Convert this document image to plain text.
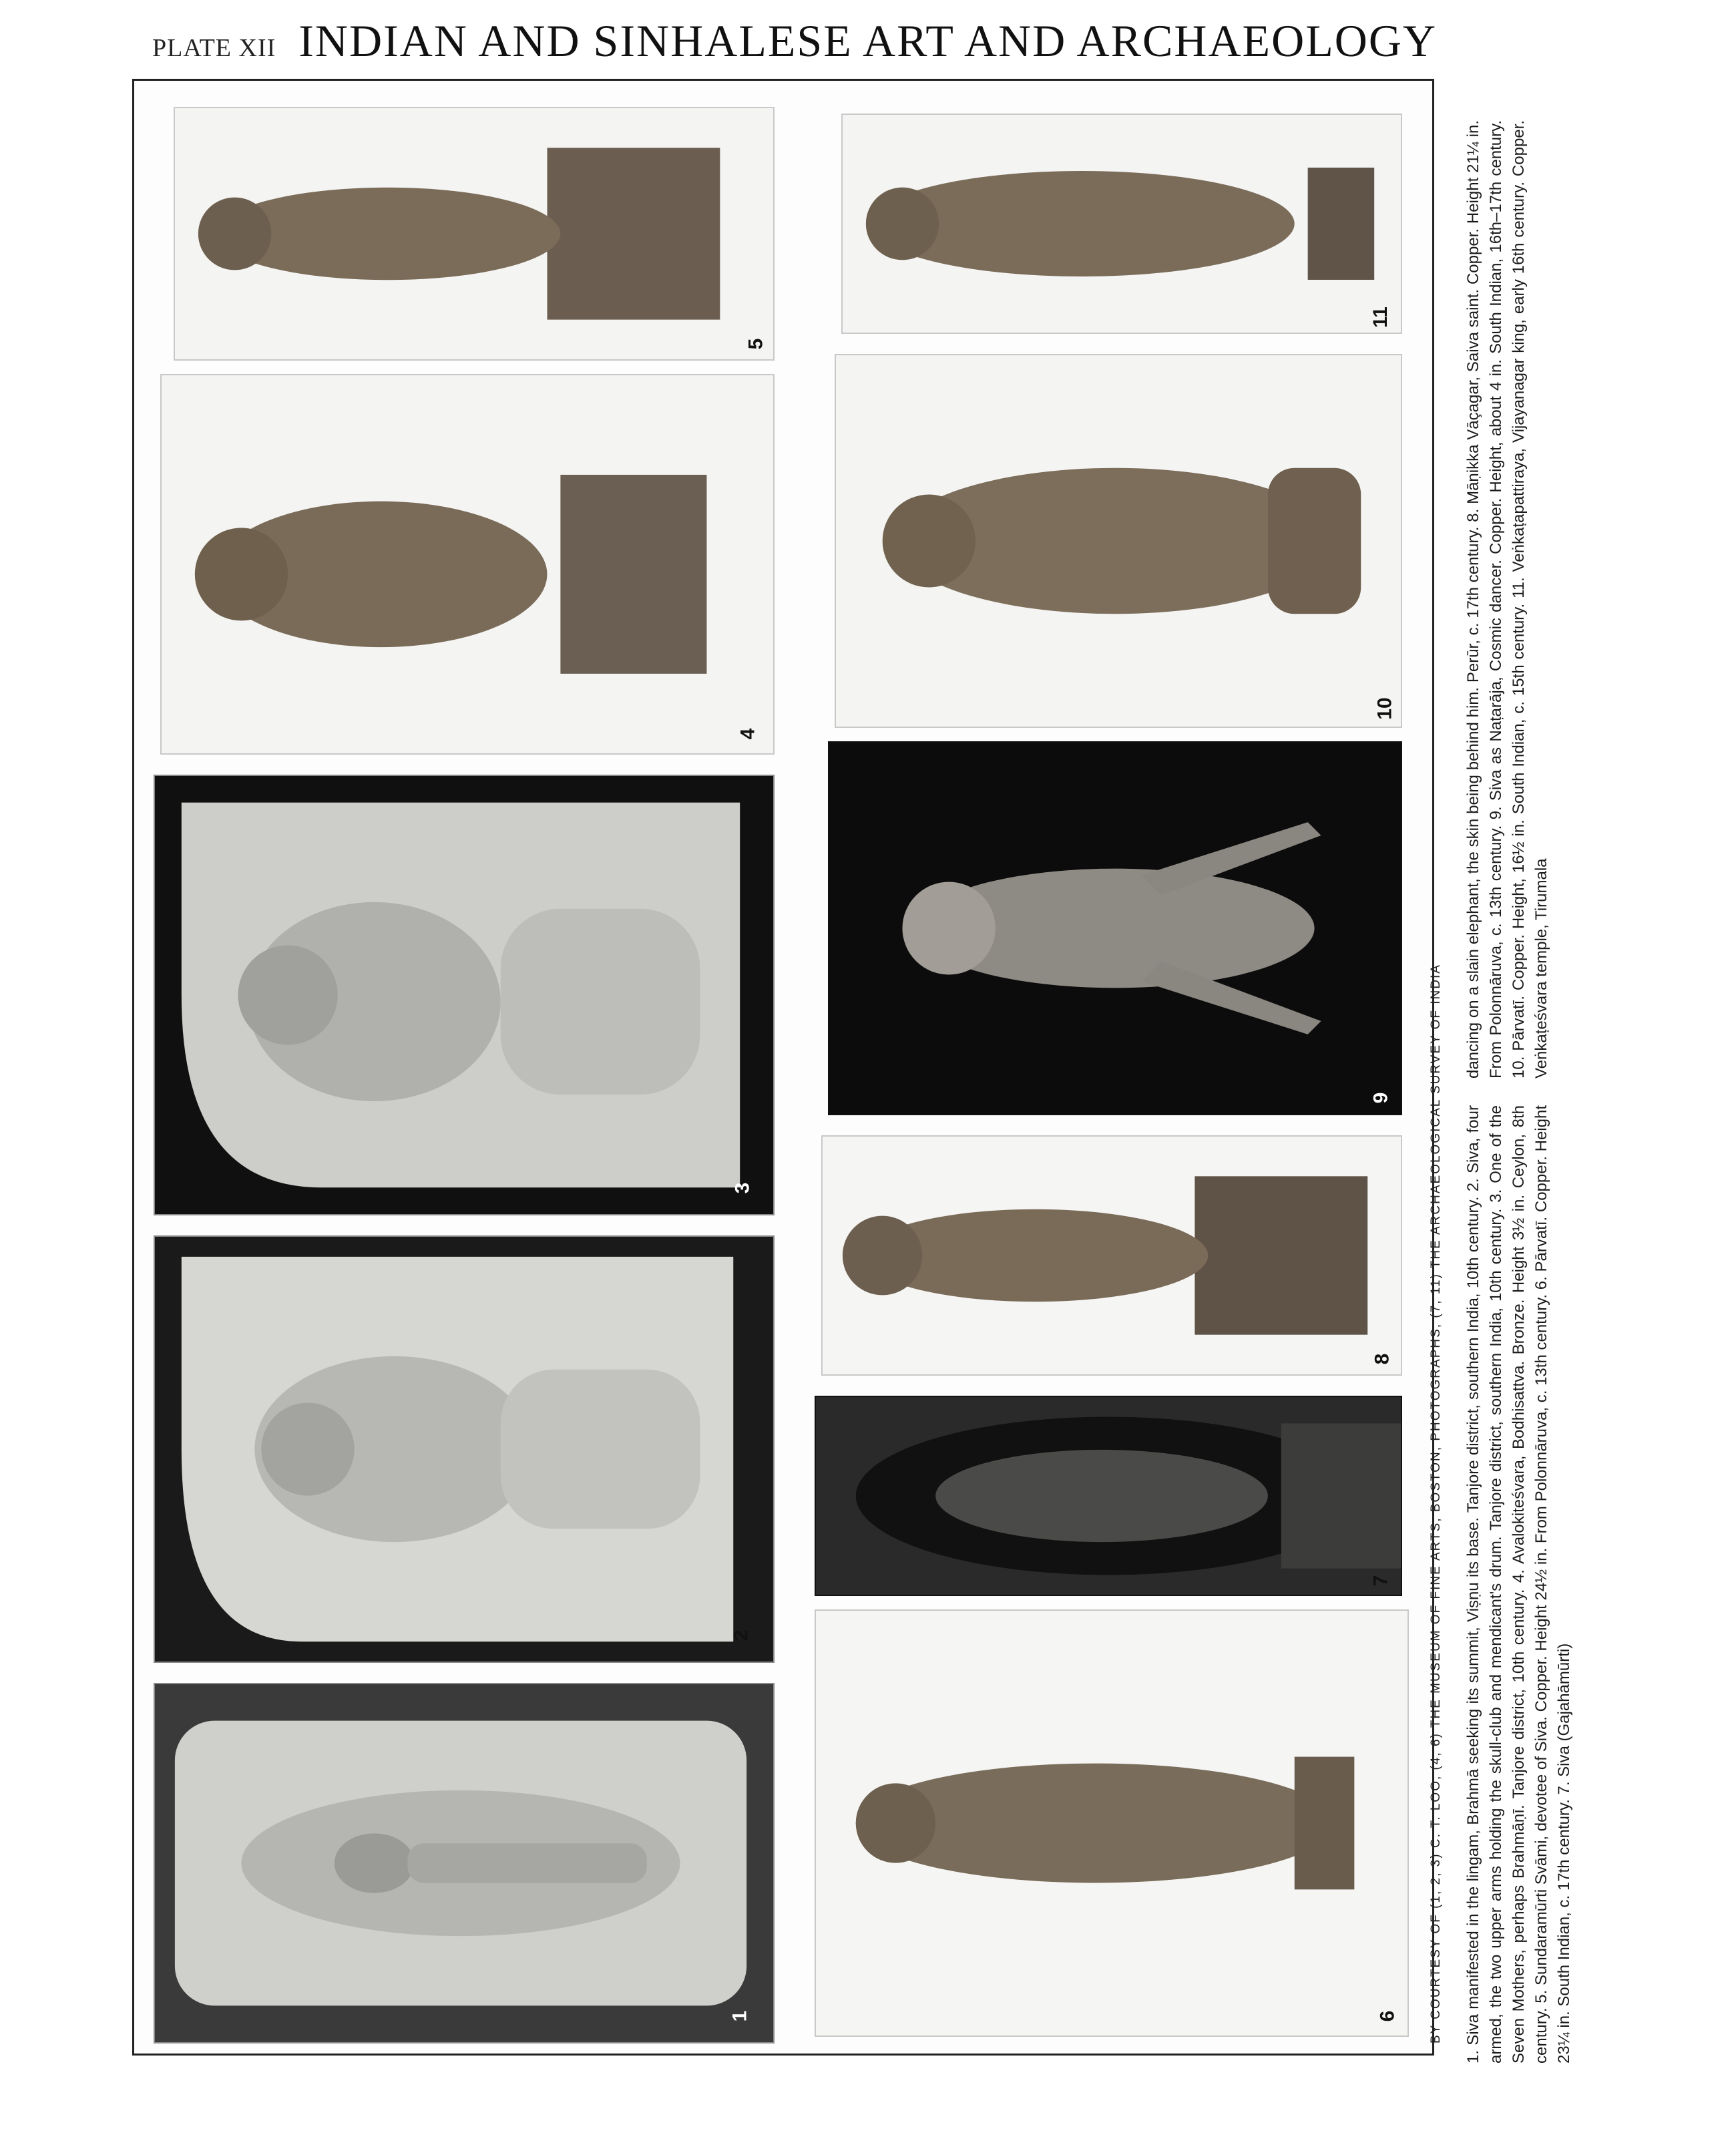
PLATE XII INDIAN AND SINHALESE ART AND ARCHAEOLOGY
1
2
3
4
5
6
7
8
9
10
11
BY COURTESY OF (1, 2, 3) C. T. LOO, (4, 6) THE MUSEUM OF FINE ARTS, BOSTON; PHOTOGRAPHS, (7, 11) THE ARCHAEOLOGICAL SURVEY OF INDIA 1. Siva manifested in the lingam, Brahmā seeking its summit, Viṣṇu its base. Tanjore district, southern India, 10th century. 2. Siva, four armed, the two upper arms holding the skull-club and mendicant's drum. Tanjore district, southern India, 10th century. 3. One of the Seven Mothers, perhaps Brahmāṇī. Tanjore district, 10th century. 4. Avalokiteśvara, Bodhisattva. Bronze. Height 3½ in. Ceylon, 8th century. 5. Sundaramūrti Svāmi, devotee of Siva. Copper. Height 24½ in. From Polonnāruva, c. 13th century. 6. Pārvatī. Copper. Height 23¼ in. South Indian, c. 17th century. 7. Siva (Gajahāmūrti)

dancing on a slain elephant, the skin being behind him. Perūr, c. 17th century. 8. Māṇikka Vāçagar, Saiva saint. Copper. Height 21¼ in. From Polonnāruva, c. 13th century. 9. Siva as Naṭarāja, Cosmic dancer. Copper. Height, about 4 in. South Indian, 16th–17th century. 10. Pārvatī. Copper. Height, 16½ in. South Indian, c. 15th century. 11. Veṅkaṭapattiraya, Vijayanagar king, early 16th century. Copper. Veṅkaṭeśvara temple, Tirumala
